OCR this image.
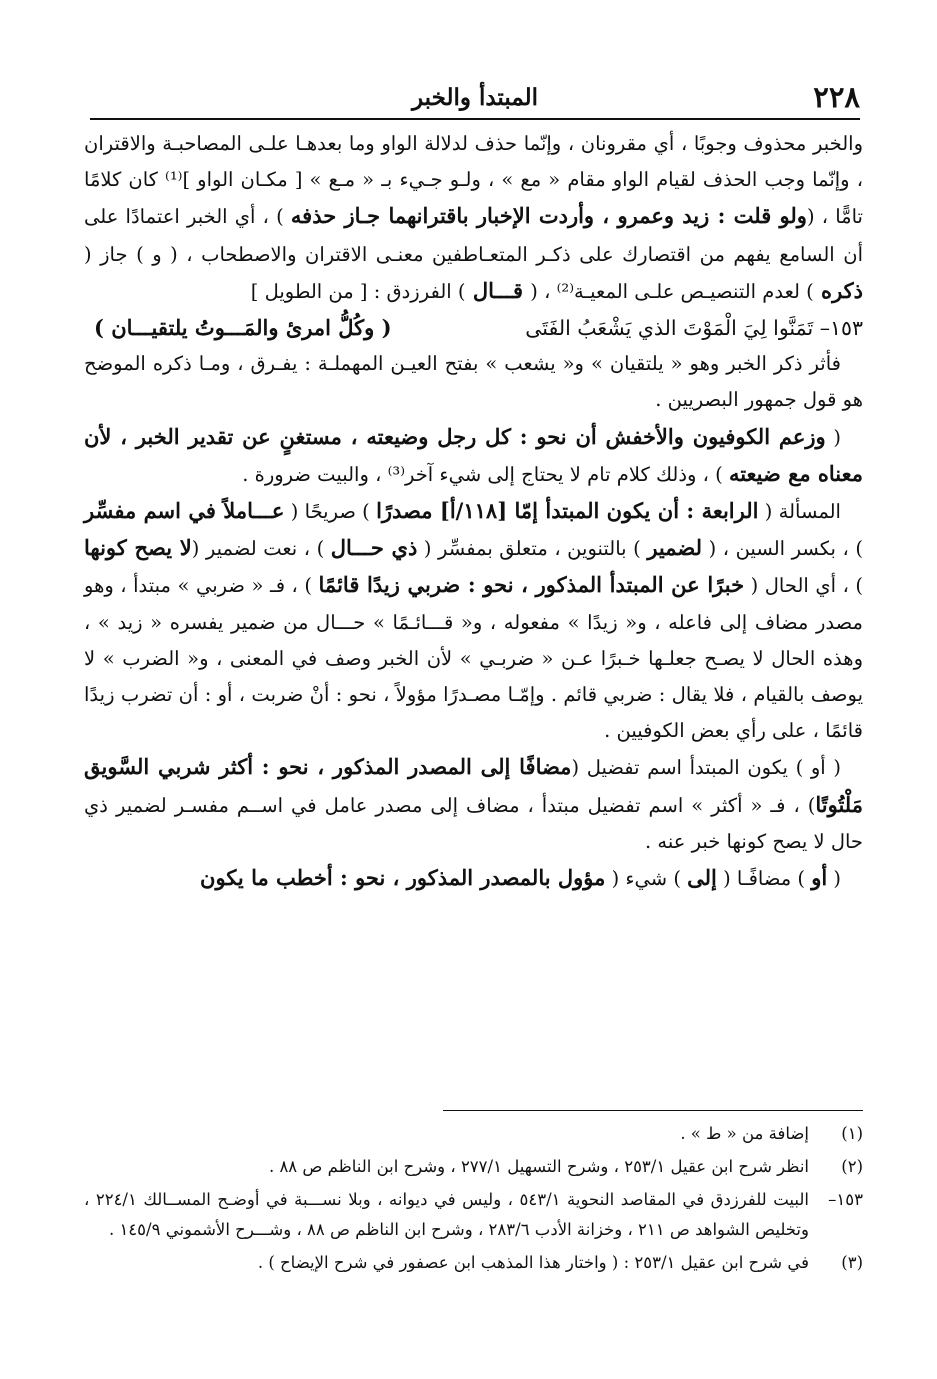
٢٢٨
المبتدأ والخبر

والخبر محذوف وجوبًا ، أي مقرونان ، وإنّما حذف لدلالة الواو وما بعدهـا علـى المصاحبـة والاقتران ، وإنّما وجب الحذف لقيام الواو مقام « مع » ، ولـو جـيء بـ « مـع » [ مكـان الواو ]⁽¹⁾ كان كلامًا تامًّا ، (ولو قلت : زيد وعمرو ، وأردت الإخبار باقترانهما جـاز حذفه ) ، أي الخبر اعتمادًا على أن السامع يفهم من اقتصارك على ذكـر المتعـاطفين معنـى الاقتران والاصطحاب ، ( و ) جاز ( ذكره ) لعدم التنصيـص علـى المعيـة⁽²⁾ ، ( قـــال ) الفرزدق : [ من الطويل ]

١٥٣– تَمَنَّوا لِيَ الْمَوْتَ الذي يَشْعَبُ الفَتَى
( وكُلُّ امرئ والمَـــوتُ يلتقيـــان )

فأثر ذكر الخبر وهو « يلتقيان » و« يشعب » بفتح العيـن المهملـة : يفـرق ، ومـا ذكره الموضح هو قول جمهور البصريين .

( وزعم الكوفيون والأخفش أن نحو : كل رجل وضيعته ، مستغنٍ عن تقدير الخبر ، لأن معناه مع ضيعته ) ، وذلك كلام تام لا يحتاج إلى شيء آخر⁽³⁾ ، والبيت ضرورة .

المسألة ( الرابعة : أن يكون المبتدأ إمّا [١١٨/أ] مصدرًا ) صريحًا ( عـــاملاً في اسم مفسِّر ) ، بكسر السين ، ( لضمير ) بالتنوين ، متعلق بمفسِّر ( ذي حـــال ) ، نعت لضمير (لا يصح كونها ) ، أي الحال ( خبرًا عن المبتدأ المذكور ، نحو : ضربي زيدًا قائمًا ) ، فـ « ضربي » مبتدأ ، وهو مصدر مضاف إلى فاعله ، و« زيدًا » مفعوله ، و« قـــائـمًا » حـــال من ضمير يفسره « زيد » ، وهذه الحال لا يصـح جعلـها خـبرًا عـن « ضربـي » لأن الخبر وصف في المعنى ، و« الضرب » لا يوصف بالقيام ، فلا يقال : ضربي قائم . وإمّـا مصـدرًا مؤولاً ، نحو : أنْ ضربت ، أو : أن تضرب زيدًا قائمًا ، على رأي بعض الكوفيين .

( أو ) يكون المبتدأ اسم تفضيل (مضافًا إلى المصدر المذكور ، نحو : أكثر شربي السَّويق مَلْتُوتًا) ، فـ « أكثر » اسم تفضيل مبتدأ ، مضاف إلى مصدر عامل في اســم مفسـر لضمير ذي حال لا يصح كونها خبر عنه .

( أو ) مضافًـا ( إلى ) شيء ( مؤول بالمصدر المذكور ، نحو : أخطب ما يكون

(١)
إضافة من « ط » .
(٢)
انظر شرح ابن عقيل ٢٥٣/١ ، وشرح التسهيل ٢٧٧/١ ، وشرح ابن الناظم ص ٨٨ .
١٥٣–
البيت للفرزدق في المقاصد النحوية ٥٤٣/١ ، وليس في ديوانه ، وبلا نســـبة في أوضـح المســالك ٢٢٤/١ ، وتخليص الشواهد ص ٢١١ ، وخزانة الأدب ٢٨٣/٦ ، وشرح ابن الناظم ص ٨٨ ، وشـــرح الأشموني ١٤٥/٩ .
(٣)
في شرح ابن عقيل ٢٥٣/١ : ( واختار هذا المذهب ابن عصفور في شرح الإيضاح ) .
